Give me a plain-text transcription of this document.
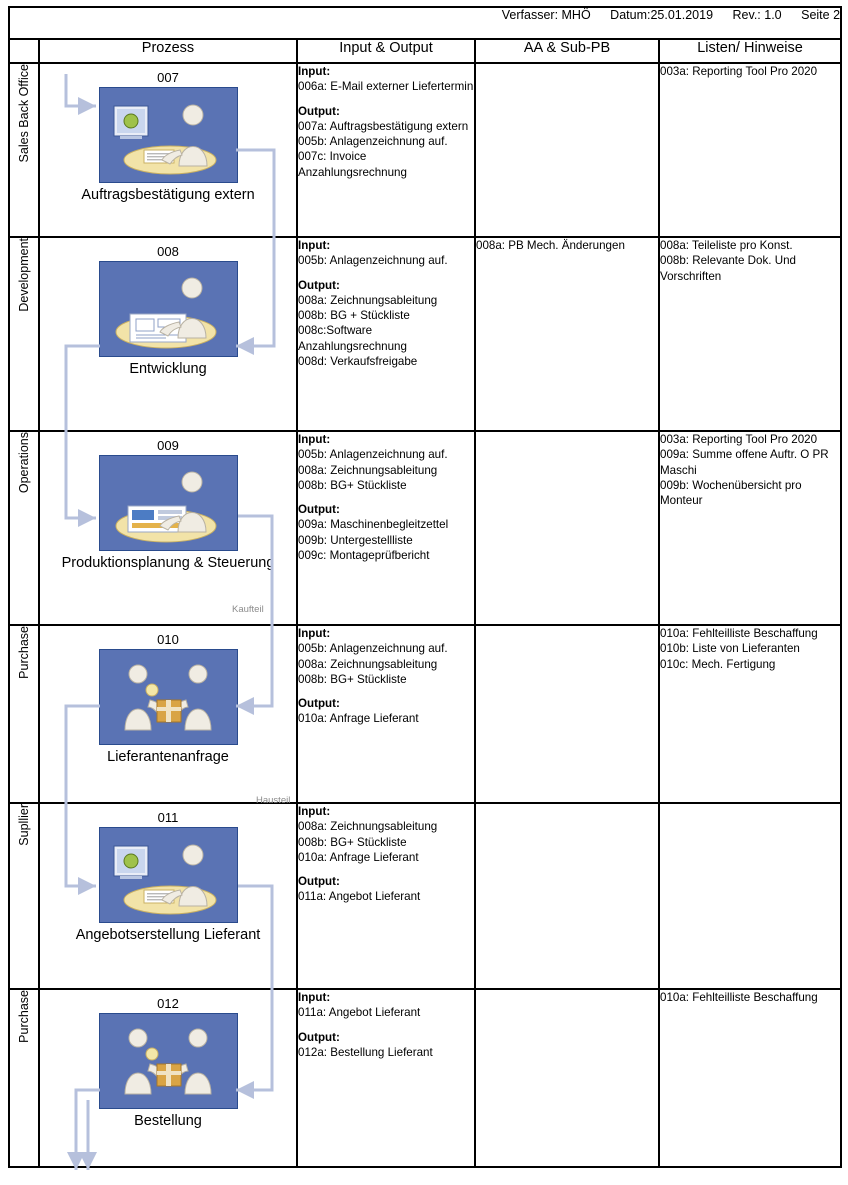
Verfasser: MHÖ Datum:25.01.2019 Rev.: 1.0 Seite 2				
	Prozess	Input & Output	AA & Sub-PB	Listen/ Hinweise
Sales Back Office	007
Auftragsbestätigung extern
	Input:
006a: E-Mail externer Liefertermin
Output:
007a: Auftragsbestätigung extern
005b: Anlagenzeichnung auf.
007c: Invoice Anzahlungsrechnung		003a: Reporting Tool Pro 2020
Development	008
Entwicklung
	Input:
005b: Anlagenzeichnung auf.
Output:
008a: Zeichnungsableitung
008b: BG + Stückliste
008c:Software Anzahlungsrechnung
008d: Verkaufsfreigabe	008a: PB Mech. Änderungen	008a: Teileliste pro Konst.
008b: Relevante Dok. Und Vorschriften
Operations	009
Produktionsplanung & Steuerung
	Input:
005b: Anlagenzeichnung auf.
008a: Zeichnungsableitung
008b: BG+ Stückliste
Output:
009a: Maschinenbegleitzettel
009b: Untergestellliste
009c: Montageprüfbericht		003a: Reporting Tool Pro 2020
009a: Summe offene Auftr. O PR Maschi
009b: Wochenübersicht pro Monteur
Purchase	010
Lieferantenanfrage
	Input:
005b: Anlagenzeichnung auf.
008a: Zeichnungsableitung
008b: BG+ Stückliste
Output:
010a: Anfrage Lieferant		010a: Fehlteilliste Beschaffung
010b: Liste von Lieferanten
010c: Mech. Fertigung
Supllier	011
Angebotserstellung Lieferant
	Input:
008a: Zeichnungsableitung
008b: BG+ Stückliste
010a: Anfrage Lieferant
Output:
011a: Angebot Lieferant		
Purchase	012
Bestellung
	Input:
011a: Angebot Lieferant
Output:
012a: Bestellung Lieferant		010a: Fehlteilliste Beschaffung
Kaufteil
Hausteil
